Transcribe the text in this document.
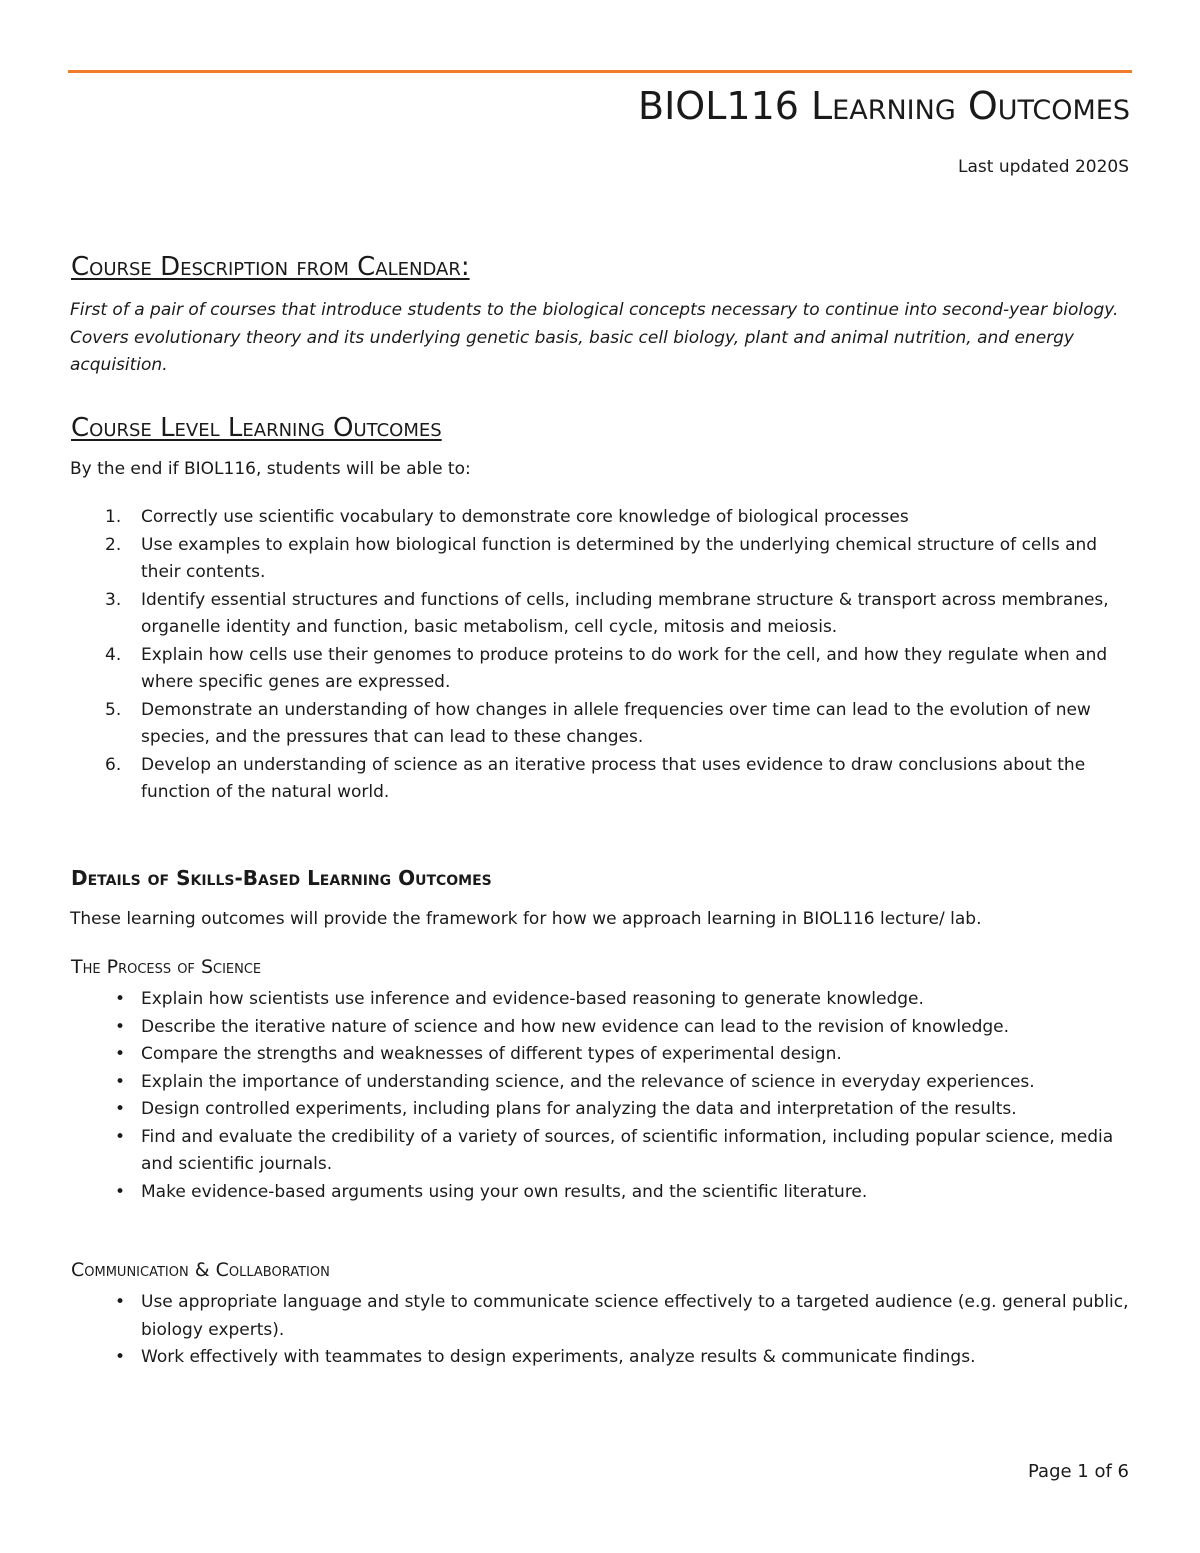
BIOL116 Learning Outcomes
Last updated 2020S
Course Description from Calendar:

First of a pair of courses that introduce students to the biological concepts necessary to continue into second-year biology. Covers evolutionary theory and its underlying genetic basis, basic cell biology, plant and animal nutrition, and energy acquisition.

Course Level Learning Outcomes

By the end if BIOL116, students will be able to:

1.	Correctly use scientific vocabulary to demonstrate core knowledge of biological processes
2.	Use examples to explain how biological function is determined by the underlying chemical structure of cells and their contents.
3.	Identify essential structures and functions of cells, including membrane structure & transport across membranes, organelle identity and function, basic metabolism, cell cycle, mitosis and meiosis.
4.	Explain how cells use their genomes to produce proteins to do work for the cell, and how they regulate when and where specific genes are expressed.
5.	Demonstrate an understanding of how changes in allele frequencies over time can lead to the evolution of new species, and the pressures that can lead to these changes.
6.	Develop an understanding of science as an iterative process that uses evidence to draw conclusions about the function of the natural world.
Details of Skills-Based Learning Outcomes

These learning outcomes will provide the framework for how we approach learning in BIOL116 lecture/ lab.

The Process of Science
• Explain how scientists use inference and evidence-based reasoning to generate knowledge.
• Describe the iterative nature of science and how new evidence can lead to the revision of knowledge.
• Compare the strengths and weaknesses of different types of experimental design.
• Explain the importance of understanding science, and the relevance of science in everyday experiences.
• Design controlled experiments, including plans for analyzing the data and interpretation of the results.
• Find and evaluate the credibility of a variety of sources, of scientific information, including popular science, media and scientific journals.
• Make evidence-based arguments using your own results, and the scientific literature.
Communication & Collaboration
• Use appropriate language and style to communicate science effectively to a targeted audience (e.g. general public, biology experts).
• Work effectively with teammates to design experiments, analyze results & communicate findings.
Page 1 of 6
